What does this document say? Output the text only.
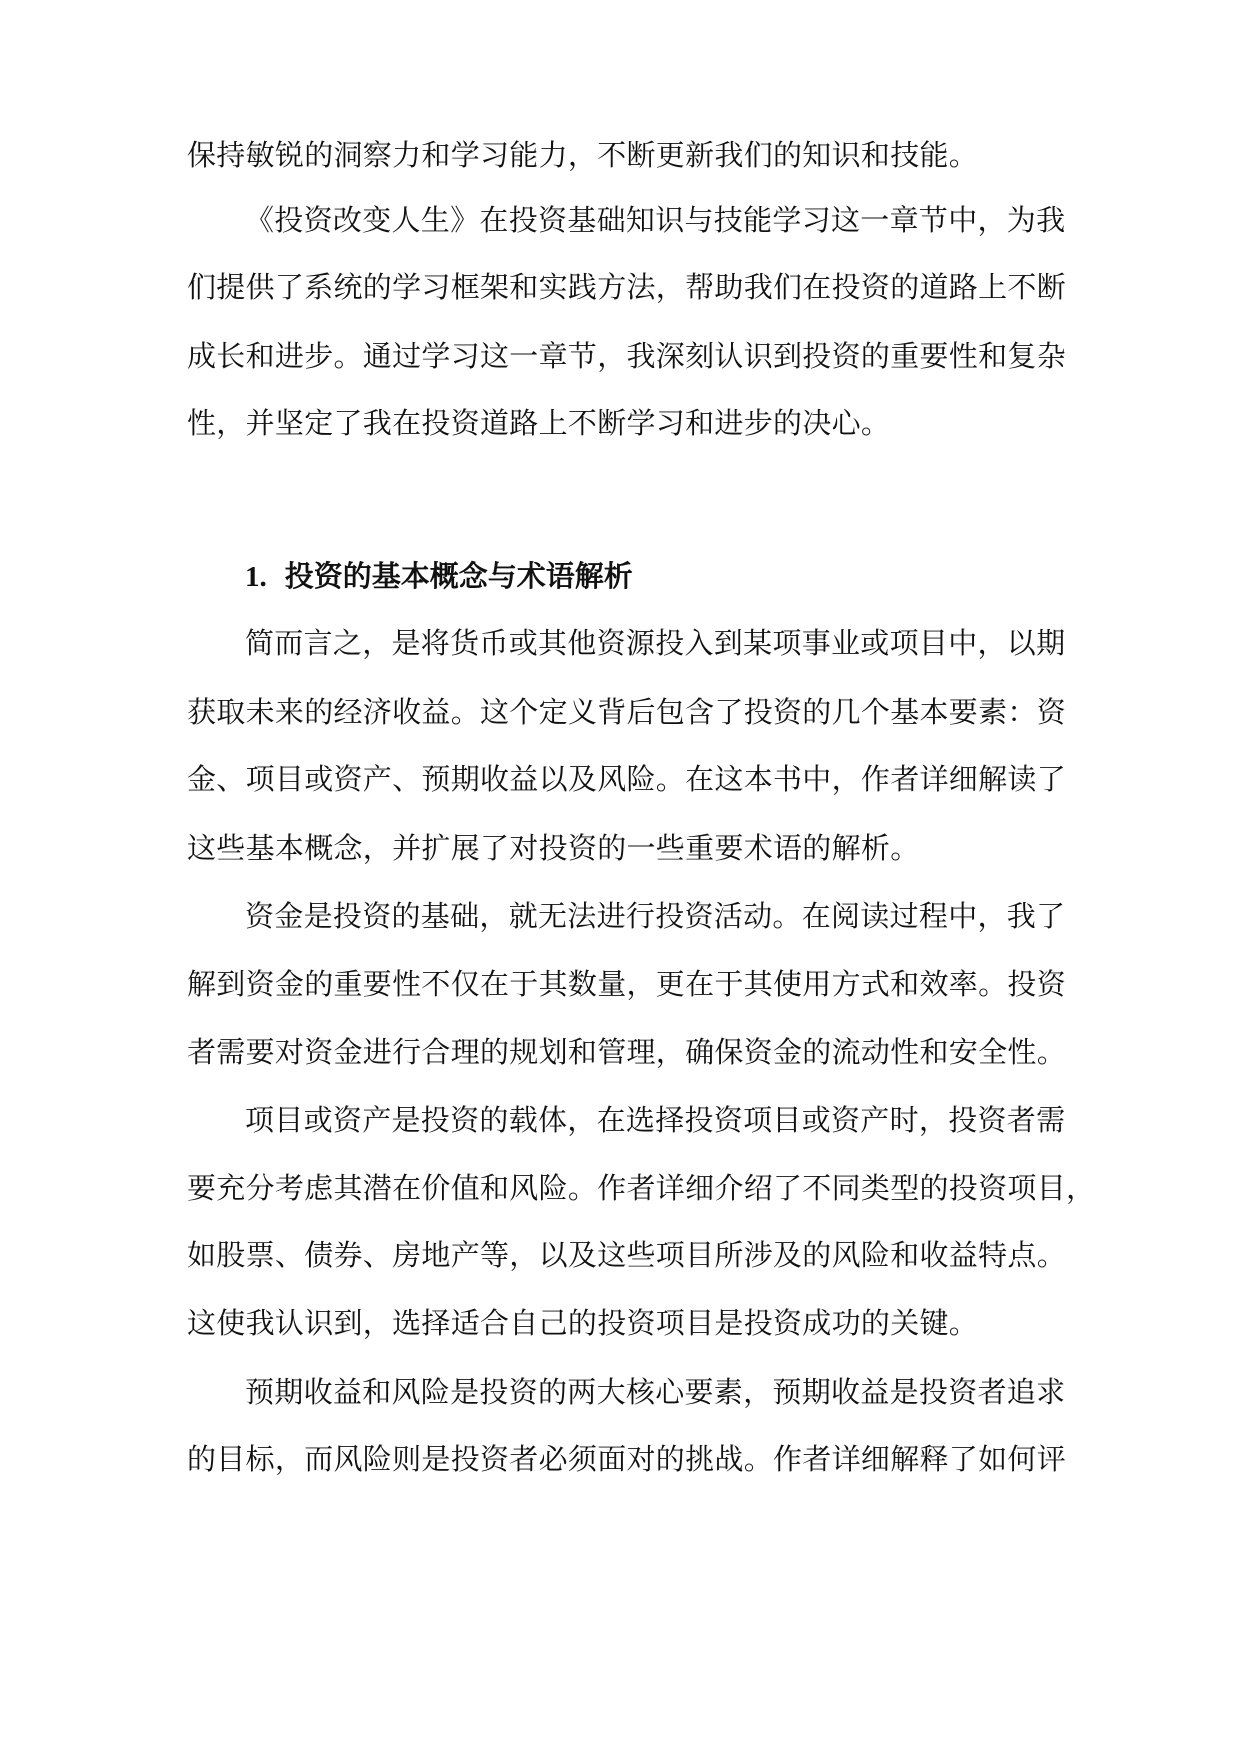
保持敏锐的洞察力和学习能力，不断更新我们的知识和技能。
《投资改变人生》在投资基础知识与技能学习这一章节中，为我
们提供了系统的学习框架和实践方法，帮助我们在投资的道路上不断
成长和进步。通过学习这一章节，我深刻认识到投资的重要性和复杂
性，并坚定了我在投资道路上不断学习和进步的决心。
1. 投资的基本概念与术语解析
简而言之，是将货币或其他资源投入到某项事业或项目中，以期
获取未来的经济收益。这个定义背后包含了投资的几个基本要素：资
金、项目或资产、预期收益以及风险。在这本书中，作者详细解读了
这些基本概念，并扩展了对投资的一些重要术语的解析。
资金是投资的基础，就无法进行投资活动。在阅读过程中，我了
解到资金的重要性不仅在于其数量，更在于其使用方式和效率。投资
者需要对资金进行合理的规划和管理，确保资金的流动性和安全性。
项目或资产是投资的载体，在选择投资项目或资产时，投资者需
要充分考虑其潜在价值和风险。作者详细介绍了不同类型的投资项目，
如股票、债券、房地产等，以及这些项目所涉及的风险和收益特点。
这使我认识到，选择适合自己的投资项目是投资成功的关键。
预期收益和风险是投资的两大核心要素，预期收益是投资者追求
的目标，而风险则是投资者必须面对的挑战。作者详细解释了如何评
